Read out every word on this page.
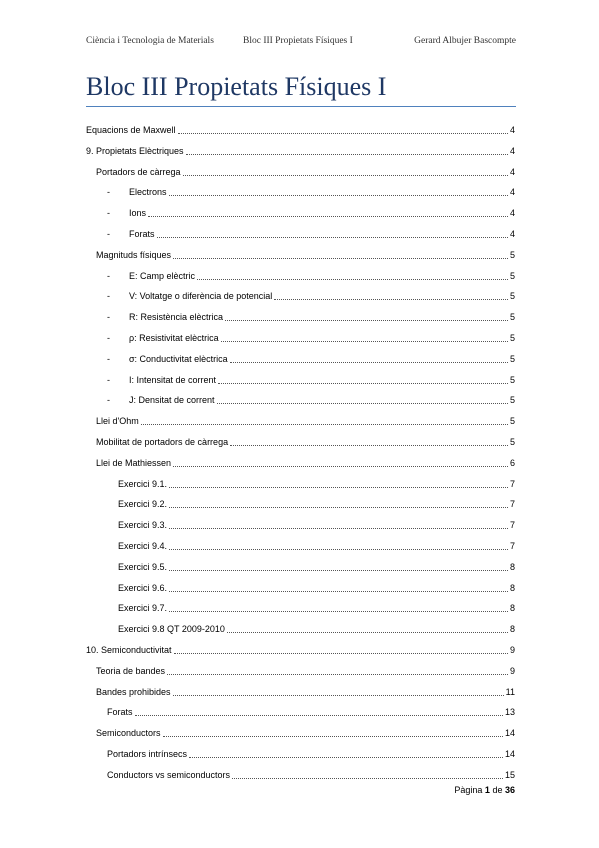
Ciència i Tecnologia de Materials	Bloc III Propietats Físiques I	Gerard Albujer Bascompte
Bloc III Propietats Físiques I
Equacions de Maxwell	4
9. Propietats Elèctriques	4
Portadors de càrrega	4
-	Electrons	4
-	Ions	4
-	Forats	4
Magnituds físiques	5
-	E: Camp elèctric	5
-	V: Voltatge o diferència de potencial	5
-	R: Resistència elèctrica	5
-	ρ: Resistivitat elèctrica	5
-	σ: Conductivitat elèctrica	5
-	I: Intensitat de corrent	5
-	J: Densitat de corrent	5
Llei d'Ohm	5
Mobilitat de portadors de càrrega	5
Llei de Mathiessen	6
Exercici 9.1.	7
Exercici 9.2.	7
Exercici 9.3.	7
Exercici 9.4.	7
Exercici 9.5.	8
Exercici 9.6.	8
Exercici 9.7.	8
Exercici 9.8 QT 2009-2010	8
10. Semiconductivitat	9
Teoria de bandes	9
Bandes prohibides	11
Forats	13
Semiconductors	14
Portadors intrínsecs	14
Conductors vs semiconductors	15
Pàgina 1 de 36
